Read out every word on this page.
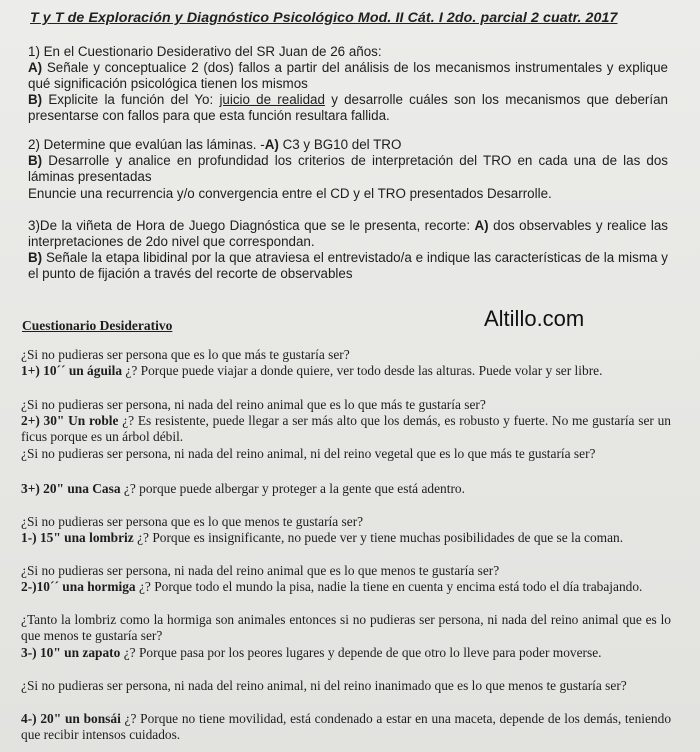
T y T de Exploración y Diagnóstico Psicológico Mod. II Cát. I 2do. parcial 2 cuatr. 2017
1) En el Cuestionario Desiderativo del SR Juan de 26 años:
A) Señale y conceptualice 2 (dos) fallos a partir del análisis de los mecanismos instrumentales y explique qué significación psicológica tienen los mismos
B) Explicite la función del Yo: juicio de realidad y desarrolle cuáles son los mecanismos que deberían presentarse con fallos para que esta función resultara fallida.
2) Determine que evalúan las láminas. -A) C3 y BG10 del TRO
B) Desarrolle y analice en profundidad los criterios de interpretación del TRO en cada una de las dos láminas presentadas
Enuncie una recurrencia y/o convergencia entre el CD y el TRO presentados Desarrolle.
3)De la viñeta de Hora de Juego Diagnóstica que se le presenta, recorte: A) dos observables y realice las interpretaciones de 2do nivel que correspondan.
B) Señale la etapa libidinal por la que atraviesa el entrevistado/a e indique las características de la misma y el punto de fijación a través del recorte de observables
Altillo.com
Cuestionario Desiderativo
¿Si no pudieras ser persona que es lo que más te gustaría ser?
1+) 10´´ un águila ¿? Porque puede viajar a donde quiere, ver todo desde las alturas. Puede volar y ser libre.
¿Si no pudieras ser persona, ni nada del reino animal que es lo que más te gustaría ser?
2+) 30" Un roble ¿? Es resistente, puede llegar a ser más alto que los demás, es robusto y fuerte. No me gustaría ser un ficus porque es un árbol débil.
¿Si no pudieras ser persona, ni nada del reino animal, ni del reino vegetal que es lo que más te gustaría ser?
3+) 20" una Casa ¿? porque puede albergar y proteger a la gente que está adentro.
¿Si no pudieras ser persona que es lo que menos te gustaría ser?
1-) 15" una lombriz ¿? Porque es insignificante, no puede ver y tiene muchas posibilidades de que se la coman.
¿Si no pudieras ser persona, ni nada del reino animal que es lo que menos te gustaría ser?
2-)10´´ una hormiga ¿? Porque todo el mundo la pisa, nadie la tiene en cuenta y encima está todo el día trabajando.
¿Tanto la lombriz como la hormiga son animales entonces si no pudieras ser persona, ni nada del reino animal que es lo que menos te gustaría ser?
3-) 10" un zapato ¿? Porque pasa por los peores lugares y depende de que otro lo lleve para poder moverse.
¿Si no pudieras ser persona, ni nada del reino animal, ni del reino inanimado que es lo que menos te gustaría ser?
4-) 20" un bonsái ¿? Porque no tiene movilidad, está condenado a estar en una maceta, depende de los demás, teniendo que recibir intensos cuidados.
